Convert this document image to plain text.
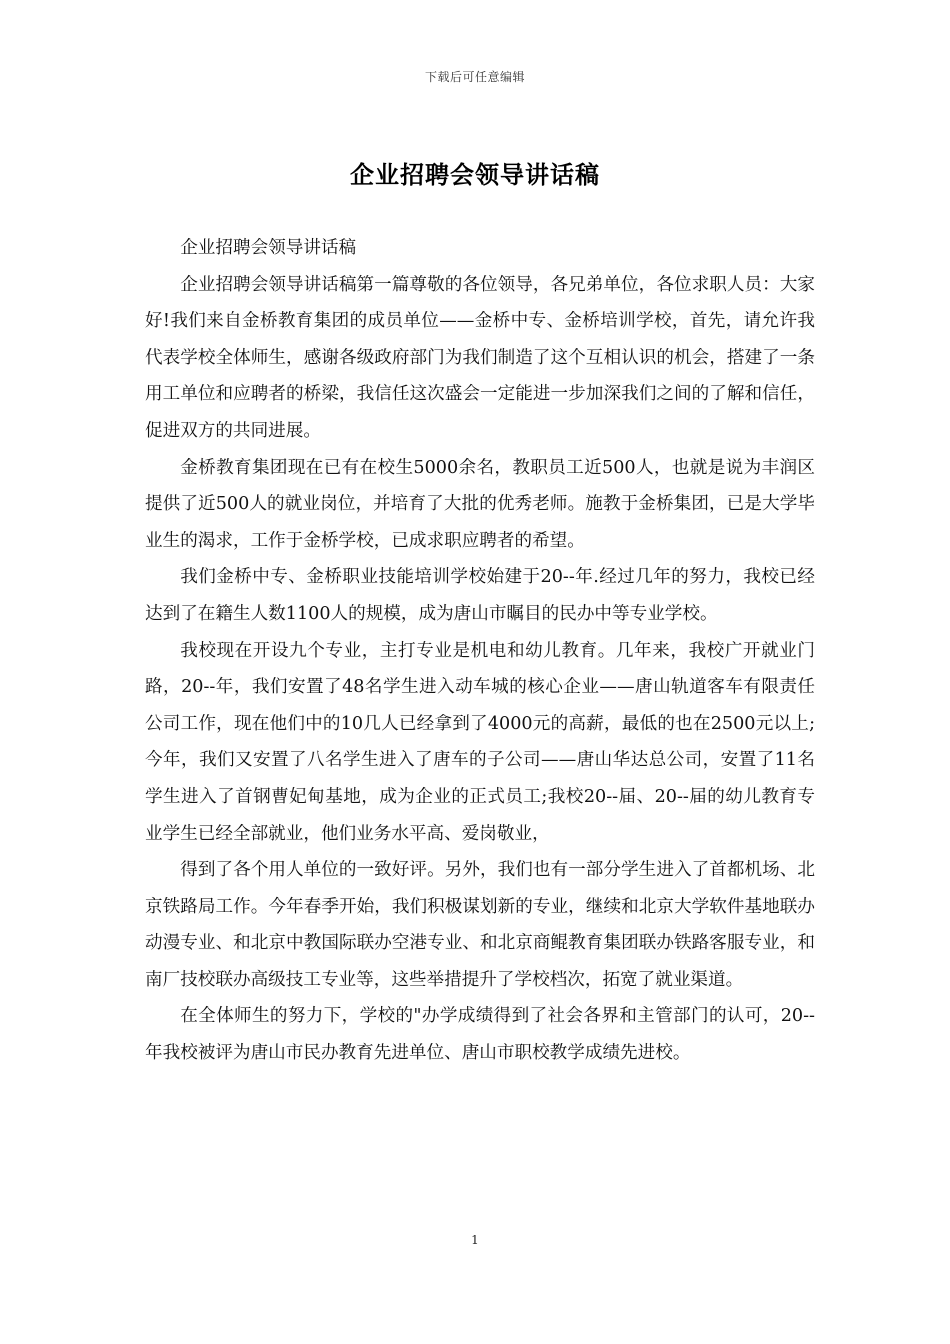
下载后可任意编辑
企业招聘会领导讲话稿

企业招聘会领导讲话稿

企业招聘会领导讲话稿第一篇尊敬的各位领导，各兄弟单位，各位求职人员：大家好!我们来自金桥教育集团的成员单位——金桥中专、金桥培训学校，首先，请允许我代表学校全体师生，感谢各级政府部门为我们制造了这个互相认识的机会，搭建了一条用工单位和应聘者的桥梁，我信任这次盛会一定能进一步加深我们之间的了解和信任，促进双方的共同进展。

金桥教育集团现在已有在校生5000余名，教职员工近500人，也就是说为丰润区提供了近500人的就业岗位，并培育了大批的优秀老师。施教于金桥集团，已是大学毕业生的渴求，工作于金桥学校，已成求职应聘者的希望。

我们金桥中专、金桥职业技能培训学校始建于20--年.经过几年的努力，我校已经达到了在籍生人数1100人的规模，成为唐山市瞩目的民办中等专业学校。

我校现在开设九个专业，主打专业是机电和幼儿教育。几年来，我校广开就业门路，20--年，我们安置了48名学生进入动车城的核心企业——唐山轨道客车有限责任公司工作，现在他们中的10几人已经拿到了4000元的高薪，最低的也在2500元以上;今年，我们又安置了八名学生进入了唐车的子公司——唐山华达总公司，安置了11名学生进入了首钢曹妃甸基地，成为企业的正式员工;我校20--届、20--届的幼儿教育专业学生已经全部就业，他们业务水平高、爱岗敬业，

得到了各个用人单位的一致好评。另外，我们也有一部分学生进入了首都机场、北京铁路局工作。今年春季开始，我们积极谋划新的专业，继续和北京大学软件基地联办动漫专业、和北京中教国际联办空港专业、和北京商鲲教育集团联办铁路客服专业，和南厂技校联办高级技工专业等，这些举措提升了学校档次，拓宽了就业渠道。

在全体师生的努力下，学校的"办学成绩得到了社会各界和主管部门的认可，20--年我校被评为唐山市民办教育先进单位、唐山市职校教学成绩先进校。

1
